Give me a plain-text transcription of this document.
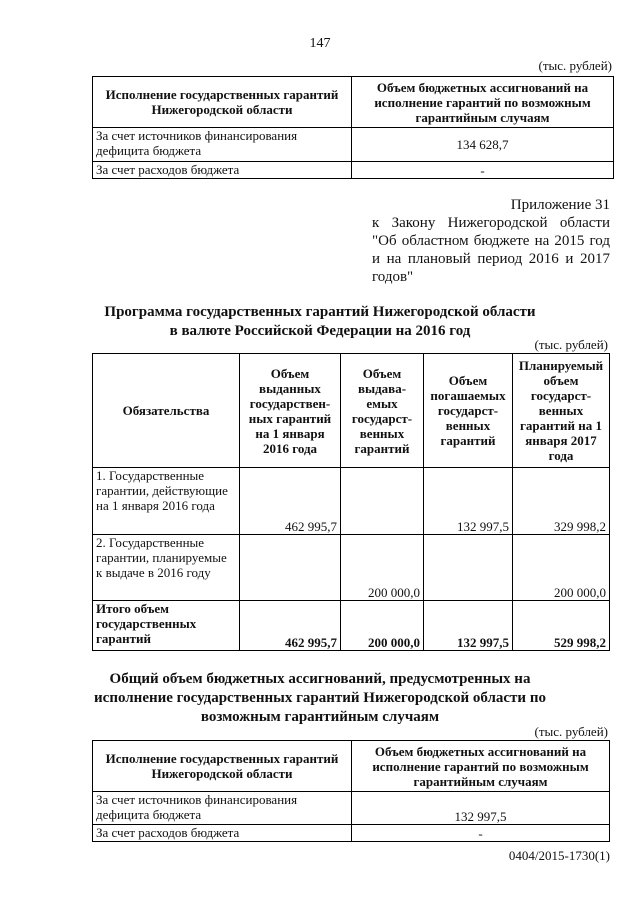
147
(тыс. рублей)
Исполнение государственных гарантий Нижегородской области	Объем бюджетных ассигнований на исполнение гарантий по возможным гарантийным случаям
За счет источников финансирования дефицита бюджета	134 628,7
За счет расходов бюджета	-
Приложение 31
к Закону Нижегородской области
"Об областном бюджете на 2015 год
и на плановый период 2016 и 2017
годов"
Программа государственных гарантий Нижегородской области
в валюте Российской Федерации на 2016 год
(тыс. рублей)
Обязательства	Объем выданных государствен-ных гарантий на 1 января 2016 года	Объем выдава-емых государст-венных гарантий	Объем погашаемых государст-венных гарантий	Планируемый объем государст-венных гарантий на 1 января 2017 года
1. Государственные гарантии, действующие на 1 января 2016 года	462 995,7		132 997,5	329 998,2
2. Государственные гарантии, планируемые к выдаче в 2016 году		200 000,0		200 000,0
Итого объем государственных гарантий	462 995,7	200 000,0	132 997,5	529 998,2
Общий объем бюджетных ассигнований, предусмотренных на
исполнение государственных гарантий Нижегородской области по
возможным гарантийным случаям
(тыс. рублей)
Исполнение государственных гарантий Нижегородской области	Объем бюджетных ассигнований на исполнение гарантий по возможным гарантийным случаям
За счет источников финансирования дефицита бюджета	132 997,5
За счет расходов бюджета	-
0404/2015-1730(1)
